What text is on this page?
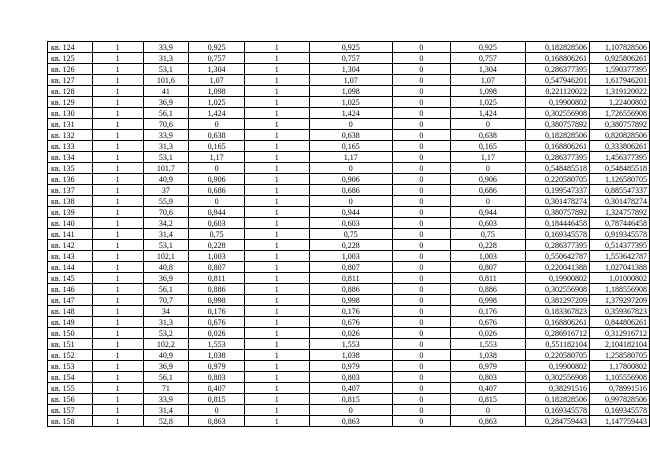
кв. 124	1	33,9	0,925	1	0,925	0	0,925	0,182828506	1,107828506
кв. 125	1	31,3	0,757	1	0,757	0	0,757	0,168806261	0,925806261
кв. 126	1	53,1	1,304	1	1,304	0	1,304	0,286377395	1,590377395
кв. 127	1	101,6	1,07	1	1,07	0	1,07	0,547946201	1,617946201
кв. 128	1	41	1,098	1	1,098	0	1,098	0,221120022	1,319120022
кв. 129	1	36,9	1,025	1	1,025	0	1,025	0,19900802	1,22400802
кв. 130	1	56,1	1,424	1	1,424	0	1,424	0,302556908	1,726556908
кв. 131	1	70,6	0	1	0	0	0	0,380757892	0,380757892
кв. 132	1	33,9	0,638	1	0,638	0	0,638	0,182828506	0,820828506
кв. 133	1	31,3	0,165	1	0,165	0	0,165	0,168806261	0,333806261
кв. 134	1	53,1	1,17	1	1,17	0	1,17	0,286377395	1,456377395
кв. 135	1	101,7	0	1	0	0	0	0,548485518	0,548485518
кв. 136	1	40,9	0,906	1	0,906	0	0,906	0,220580705	1,126580705
кв. 137	1	37	0,686	1	0,686	0	0,686	0,199547337	0,885547337
кв. 138	1	55,9	0	1	0	0	0	0,301478274	0,301478274
кв. 139	1	70,6	0,944	1	0,944	0	0,944	0,380757892	1,324757892
кв. 140	1	34,2	0,603	1	0,603	0	0,603	0,184446458	0,787446458
кв. 141	1	31,4	0,75	1	0,75	0	0,75	0,169345578	0,919345578
кв. 142	1	53,1	0,228	1	0,228	0	0,228	0,286377395	0,514377395
кв. 143	1	102,1	1,003	1	1,003	0	1,003	0,550642787	1,553642787
кв. 144	1	40,8	0,807	1	0,807	0	0,807	0,220041388	1,027041388
кв. 145	1	36,9	0,811	1	0,811	0	0,811	0,19900802	1,01000802
кв. 146	1	56,1	0,886	1	0,886	0	0,886	0,302556908	1,188556908
кв. 147	1	70,7	0,998	1	0,998	0	0,998	0,381297209	1,379297209
кв. 148	1	34	0,176	1	0,176	0	0,176	0,183367823	0,359367823
кв. 149	1	31,3	0,676	1	0,676	0	0,676	0,168806261	0,844806261
кв. 150	1	53,2	0,026	1	0,026	0	0,026	0,286916712	0,312916712
кв. 151	1	102,2	1,553	1	1,553	0	1,553	0,551182104	2,104182104
кв. 152	1	40,9	1,038	1	1,038	0	1,038	0,220580705	1,258580705
кв. 153	1	36,9	0,979	1	0,979	0	0,979	0,19900802	1,17800802
кв. 154	1	56,1	0,803	1	0,803	0	0,803	0,302556908	1,105556908
кв. 155	1	71	0,407	1	0,407	0	0,407	0,38291516	0,78991516
кв. 156	1	33,9	0,815	1	0,815	0	0,815	0,182828506	0,997828506
кв. 157	1	31,4	0	1	0	0	0	0,169345578	0,169345578
кв. 158	1	52,8	0,863	1	0,863	0	0,863	0,284759443	1,147759443
